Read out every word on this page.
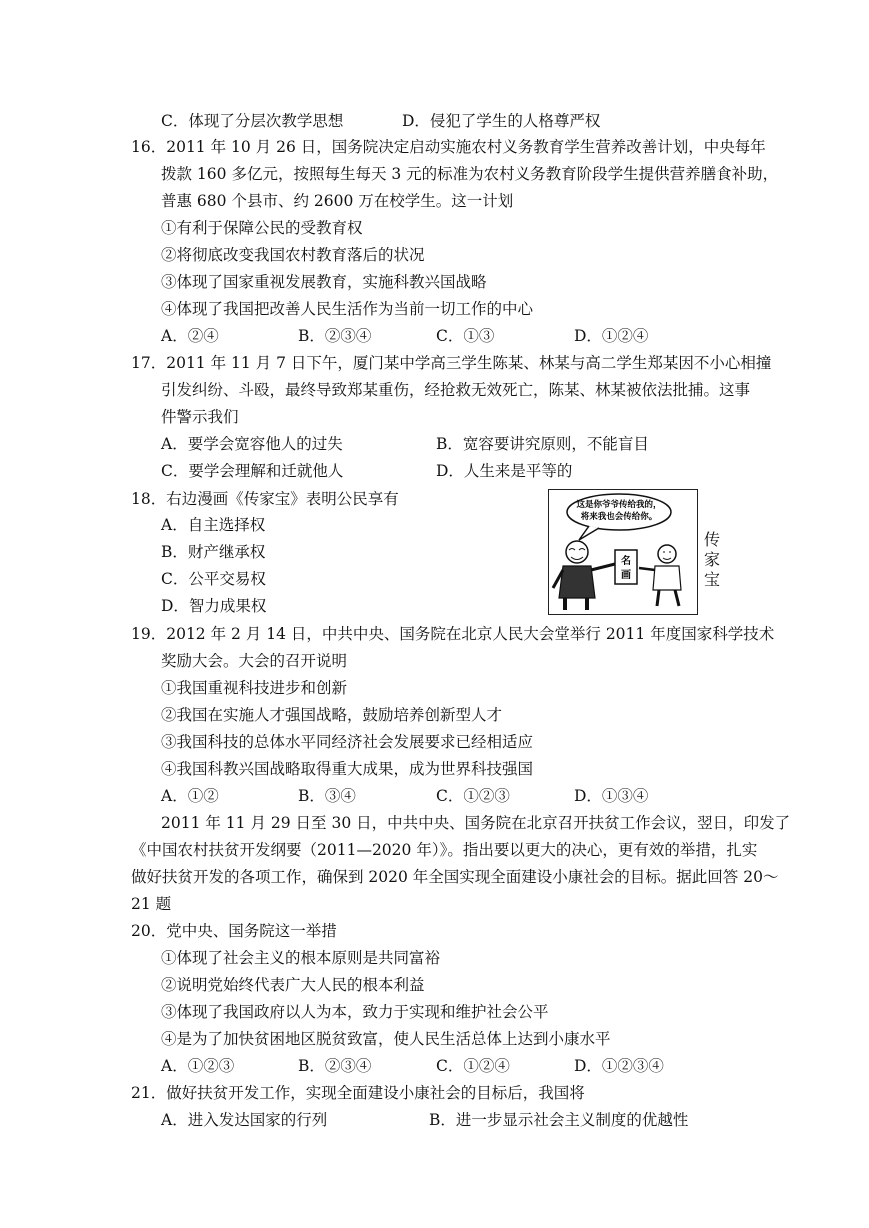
C．体现了分层次教学思想	D．侵犯了学生的人格尊严权
16．2011 年 10 月 26 日，国务院决定启动实施农村义务教育学生营养改善计划，中央每年
拨款 160 多亿元，按照每生每天 3 元的标准为农村义务教育阶段学生提供营养膳食补助，
普惠 680 个县市、约 2600 万在校学生。这一计划
①有利于保障公民的受教育权
②将彻底改变我国农村教育落后的状况
③体现了国家重视发展教育，实施科教兴国战略
④体现了我国把改善人民生活作为当前一切工作的中心
A．②④	B．②③④	C．①③	D．①②④
17．2011 年 11 月 7 日下午，厦门某中学高三学生陈某、林某与高二学生郑某因不小心相撞
引发纠纷、斗殴，最终导致郑某重伤，经抢救无效死亡，陈某、林某被依法批捕。这事
件警示我们
A．要学会宽容他人的过失	B．宽容要讲究原则，不能盲目
C．要学会理解和迁就他人	D．人生来是平等的
18．右边漫画《传家宝》表明公民享有
A．自主选择权
B．财产继承权
C．公平交易权
D．智力成果权
这是你爷爷传给我的，
将来我也会传给你。
名
画
传
家
宝
19．2012 年 2 月 14 日，中共中央、国务院在北京人民大会堂举行 2011 年度国家科学技术
奖励大会。大会的召开说明
①我国重视科技进步和创新
②我国在实施人才强国战略，鼓励培养创新型人才
③我国科技的总体水平同经济社会发展要求已经相适应
④我国科教兴国战略取得重大成果，成为世界科技强国
A．①②	B．③④	C．①②③	D．①③④
2011 年 11 月 29 日至 30 日，中共中央、国务院在北京召开扶贫工作会议，翌日，印发了
《中国农村扶贫开发纲要（2011—2020 年）》。指出要以更大的决心，更有效的举措，扎实
做好扶贫开发的各项工作，确保到 2020 年全国实现全面建设小康社会的目标。据此回答 20～
21 题
20．党中央、国务院这一举措
①体现了社会主义的根本原则是共同富裕
②说明党始终代表广大人民的根本利益
③体现了我国政府以人为本，致力于实现和维护社会公平
④是为了加快贫困地区脱贫致富，使人民生活总体上达到小康水平
A．①②③	B．②③④	C．①②④	D．①②③④
21．做好扶贫开发工作，实现全面建设小康社会的目标后，我国将
A．进入发达国家的行列	B．进一步显示社会主义制度的优越性
